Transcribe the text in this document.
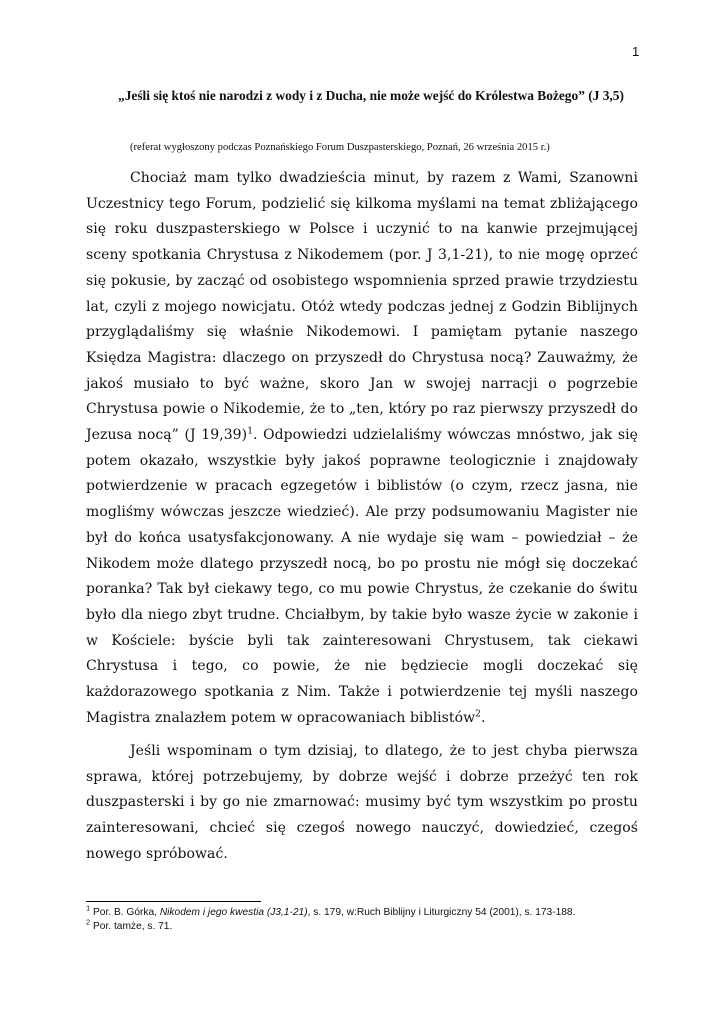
1

„Jeśli się ktoś nie narodzi z wody i z Ducha, nie może wejść do Królestwa Bożego” (J 3,5)

(referat wygłoszony podczas Poznańskiego Forum Duszpasterskiego, Poznań, 26 września 2015 r.)

Chociaż mam tylko dwadzieścia minut, by razem z Wami, Szanowni Uczestnicy tego Forum, podzielić się kilkoma myślami na temat zbliżającego się roku duszpasterskiego w Polsce i uczynić to na kanwie przejmującej sceny spotkania Chrystusa z Nikodemem (por. J 3,1-21), to nie mogę oprzeć się pokusie, by zacząć od osobistego wspomnienia sprzed prawie trzydziestu lat, czyli z mojego nowicjatu. Otóż wtedy podczas jednej z Godzin Biblijnych przyglądaliśmy się właśnie Nikodemowi. I pamiętam pytanie naszego Księdza Magistra: dlaczego on przyszedł do Chrystusa nocą? Zauważmy, że jakoś musiało to być ważne, skoro Jan w swojej narracji o pogrzebie Chrystusa powie o Nikodemie, że to „ten, który po raz pierwszy przyszedł do Jezusa nocą” (J 19,39)$^1$. Odpowiedzi udzielaliśmy wówczas mnóstwo, jak się potem okazało, wszystkie były jakoś poprawne teologicznie i znajdowały potwierdzenie w pracach egzegetów i biblistów (o czym, rzecz jasna, nie mogliśmy wówczas jeszcze wiedzieć). Ale przy podsumowaniu Magister nie był do końca usatysfakcjonowany. A nie wydaje się wam – powiedział – że Nikodem może dlatego przyszedł nocą, bo po prostu nie mógł się doczekać poranka? Tak był ciekawy tego, co mu powie Chrystus, że czekanie do świtu było dla niego zbyt trudne. Chciałbym, by takie było wasze życie w zakonie i w Kościele: byście byli tak zainteresowani Chrystusem, tak ciekawi Chrystusa i tego, co powie, że nie będziecie mogli doczekać się każdorazowego spotkania z Nim. Także i potwierdzenie tej myśli naszego Magistra znalazłem potem w opracowaniach biblistów$^2$.

Jeśli wspominam o tym dzisiaj, to dlatego, że to jest chyba pierwsza sprawa, której potrzebujemy, by dobrze wejść i dobrze przeżyć ten rok duszpasterski i by go nie zmarnować: musimy być tym wszystkim po prostu zainteresowani, chcieć się czegoś nowego nauczyć, dowiedzieć, czegoś nowego spróbować.

$^1$ Por. B. Górka, Nikodem i jego kwestia (J3,1-21), s. 179, w:Ruch Biblijny i Liturgiczny 54 (2001), s. 173-188.
$^2$ Por. tamże, s. 71.
